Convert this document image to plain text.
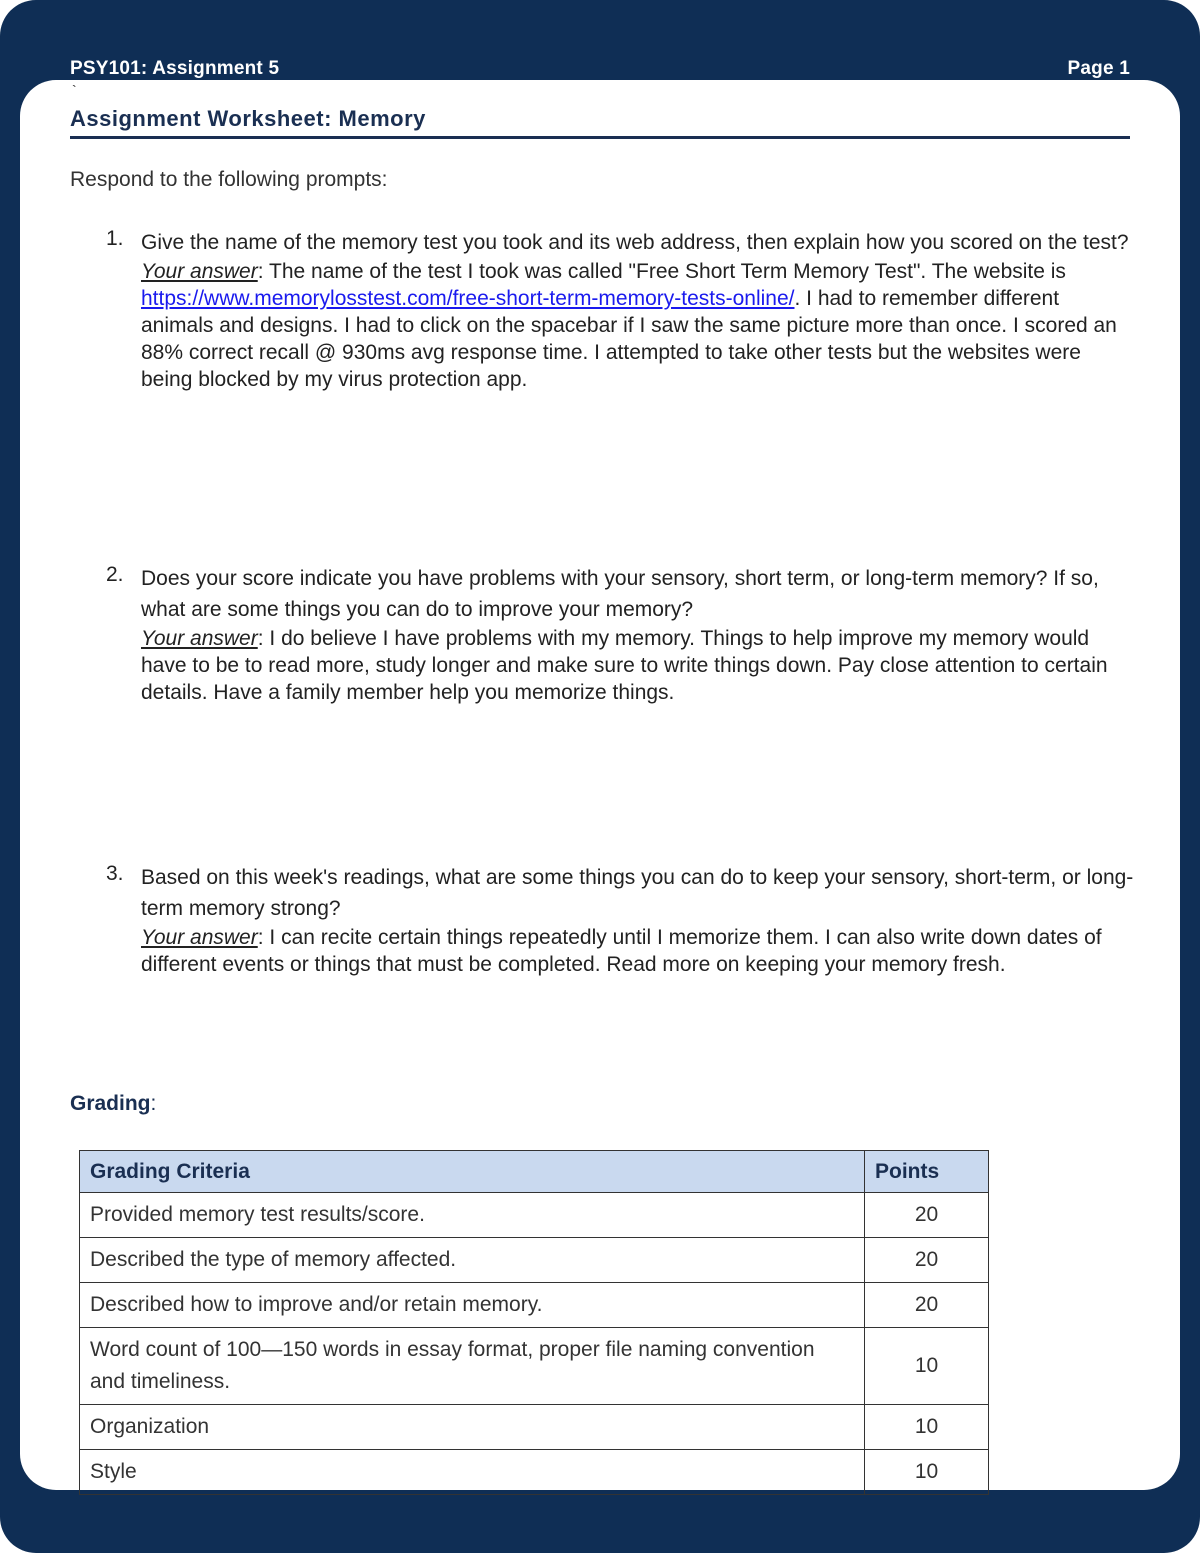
PSY101: Assignment 5	Page 1
`
Assignment Worksheet: Memory
Respond to the following prompts:
1. Give the name of the memory test you took and its web address, then explain how you scored on the test?
Your answer: The name of the test I took was called "Free Short Term Memory Test". The website is https://www.memorylosstest.com/free-short-term-memory-tests-online/. I had to remember different animals and designs. I had to click on the spacebar if I saw the same picture more than once. I scored an 88% correct recall @ 930ms avg response time. I attempted to take other tests but the websites were being blocked by my virus protection app.
2. Does your score indicate you have problems with your sensory, short term, or long-term memory? If so, what are some things you can do to improve your memory?
Your answer: I do believe I have problems with my memory. Things to help improve my memory would have to be to read more, study longer and make sure to write things down. Pay close attention to certain details. Have a family member help you memorize things.
3. Based on this week's readings, what are some things you can do to keep your sensory, short-term, or long-term memory strong?
Your answer: I can recite certain things repeatedly until I memorize them. I can also write down dates of different events or things that must be completed. Read more on keeping your memory fresh.
Grading:
Grading Criteria	Points
Provided memory test results/score.	20
Described the type of memory affected.	20
Described how to improve and/or retain memory.	20
Word count of 100—150 words in essay format, proper file naming convention and timeliness.	10
Organization	10
Style	10
